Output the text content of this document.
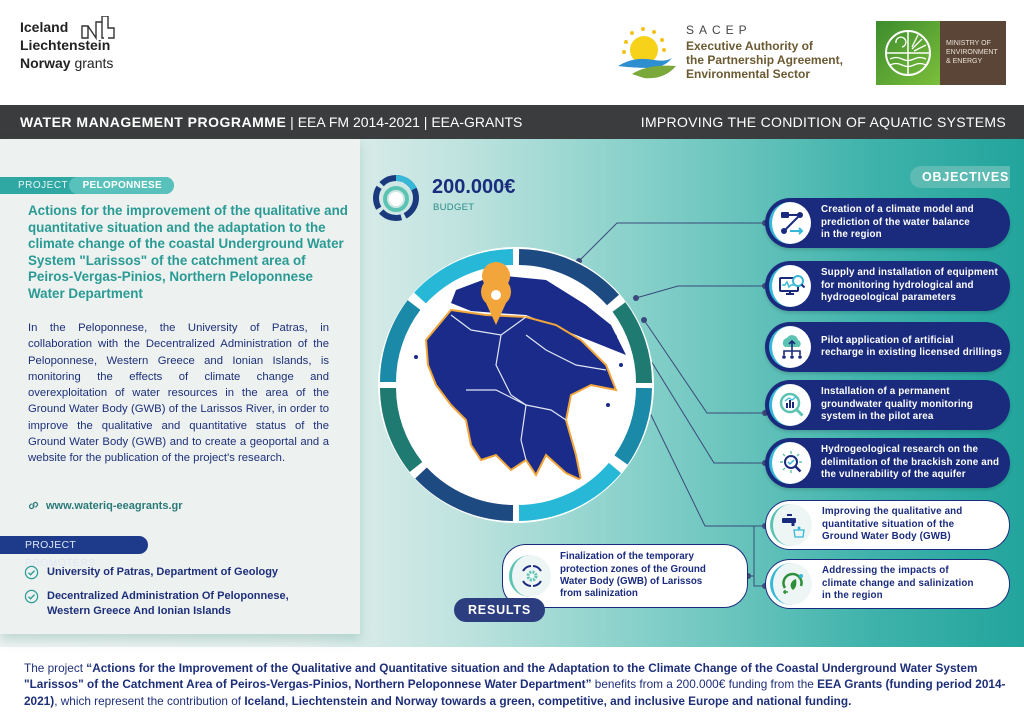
Iceland
Liechtenstein
Norway grants
SACEP
Executive Authority of
the Partnership Agreement,
Environmental Sector
MINISTRY OF
ENVIRONMENT
& ENERGY
WATER MANAGEMENT PROGRAMME | EEA FM 2014-2021 | EEA-GRANTS	IMPROVING THE CONDITION OF AQUATIC SYSTEMS
PROJECT	PELOPONNESE
Actions for the improvement of the qualitative and quantitative situation and the adaptation to the climate change of the coastal Underground Water System "Larissos" of the catchment area of Peiros-Vergas-Pinios, Northern Peloponnese Water Department
In the Peloponnese, the University of Patras, in collaboration with the Decentralized Administration of the Peloponnese, Western Greece and Ionian Islands, is monitoring the effects of climate change and overexploitation of water resources in the area of the Ground Water Body (GWB) of the Larissos River, in order to improve the qualitative and quantitative status of the Ground Water Body (GWB) and to create a geoportal and a website for the publication of the project's research.
www.wateriq-eeagrants.gr
PROJECT PROMOTERS
University of Patras, Department of Geology
Decentralized Administration Of Peloponnese,
Western Greece And Ionian Islands
200.000€
BUDGET
OBJECTIVES
Creation of a climate model and
prediction of the water balance
in the region
Supply and installation of equipment
for monitoring hydrological and
hydrogeological parameters
Pilot application of artificial
recharge in existing licensed drillings
Installation of a permanent
groundwater quality monitoring
system in the pilot area
Hydrogeological research on the
delimitation of the brackish zone and
the vulnerability of the aquifer
Improving the qualitative and
quantitative situation of the
Ground Water Body (GWB)
Addressing the impacts of
climate change and salinization
in the region
Finalization of the temporary
protection zones of the Ground
Water Body (GWB) of Larissos
from salinization
RESULTS
The project “Actions for the Improvement of the Qualitative and Quantitative situation and the Adaptation to the Climate Change of the Coastal Underground Water System "Larissos" of the Catchment Area of Peiros-Vergas-Pinios, Northern Peloponnese Water Department” benefits from a 200.000€ funding from the EEA Grants (funding period 2014-2021), which represent the contribution of Iceland, Liechtenstein and Norway towards a green, competitive, and inclusive Europe and national funding.
